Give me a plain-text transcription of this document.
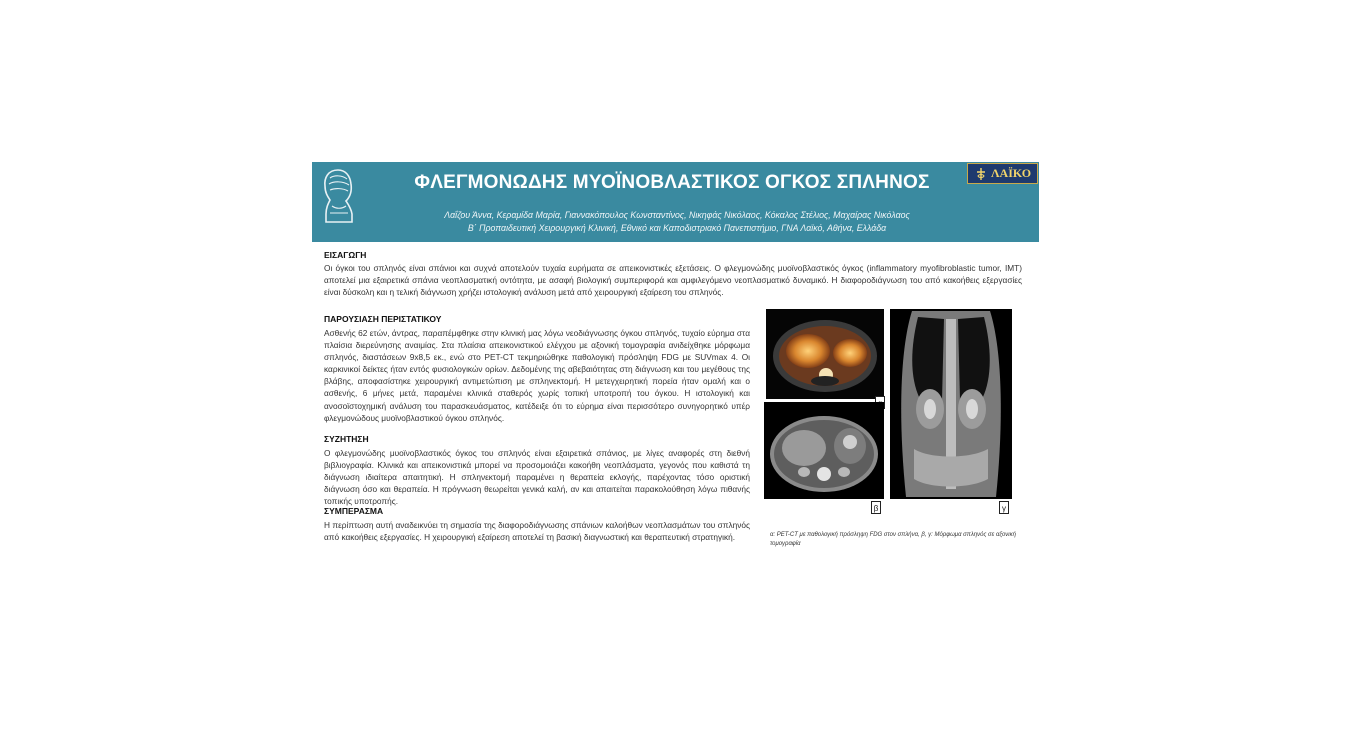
ΦΛΕΓΜΟΝΩΔΗΣ ΜΥΟΪΝΟΒΛΑΣΤΙΚΟΣ ΟΓΚΟΣ ΣΠΛΗΝΟΣ
Λαΐζου Άννα, Κεραμίδα Μαρία, Γιαννακόπουλος Κωνσταντίνος, Νικηφάς Νικόλαος, Κόκαλος Στέλιος, Μαχαίρας Νικόλαος
Β΄ Προπαιδευτική Χειρουργική Κλινική, Εθνικό και Καποδιστριακό Πανεπιστήμιο, ΓΝΑ Λαϊκό, Αθήνα, Ελλάδα
ΛΑΪΚΟ
ΕΙΣΑΓΩΓΗ
Οι όγκοι του σπληνός είναι σπάνιοι και συχνά αποτελούν τυχαία ευρήματα σε απεικονιστικές εξετάσεις. Ο φλεγμονώδης μυοϊνοβλαστικός όγκος (inflammatory myofibroblastic tumor, IMT) αποτελεί μια εξαιρετικά σπάνια νεοπλασματική οντότητα, με ασαφή βιολογική συμπεριφορά και αμφιλεγόμενο νεοπλασματικό δυναμικό. Η διαφοροδιάγνωση του από κακοήθεις εξεργασίες είναι δύσκολη και η τελική διάγνωση χρήζει ιστολογική ανάλυση μετά από χειρουργική εξαίρεση του σπληνός.
ΠΑΡΟΥΣΙΑΣΗ ΠΕΡΙΣΤΑΤΙΚΟΥ
Ασθενής 62 ετών, άντρας, παραπέμφθηκε στην κλινική μας λόγω νεοδιάγνωσης όγκου σπληνός, τυχαίο εύρημα στα πλαίσια διερεύνησης αναιμίας. Στα πλαίσια απεικονιστικού ελέγχου με αξονική τομογραφία ανιδείχθηκε μόρφωμα σπληνός, διαστάσεων 9x8,5 εκ., ενώ στο PET-CT τεκμηριώθηκε παθολογική πρόσληψη FDG με SUVmax 4. Οι καρκινικοί δείκτες ήταν εντός φυσιολογικών ορίων. Δεδομένης της αβεβαιότητας στη διάγνωση και του μεγέθους της βλάβης, αποφασίστηκε χειρουργική αντιμετώπιση με σπληνεκτομή. Η μετεγχειρητική πορεία ήταν ομαλή και ο ασθενής, 6 μήνες μετά, παραμένει κλινικά σταθερός χωρίς τοπική υποτροπή του όγκου. Η ιστολογική και ανοσοϊστοχημική ανάλυση του παρασκευάσματος, κατέδειξε ότι το εύρημα είναι περισσότερο συνηγορητικό υπέρ φλεγμονώδους μυοϊνοβλαστικού όγκου σπληνός.
ΣΥΖΗΤΗΣΗ
Ο φλεγμονώδης μυοϊνοβλαστικός όγκος του σπληνός είναι εξαιρετικά σπάνιος, με λίγες αναφορές στη διεθνή βιβλιογραφία. Κλινικά και απεικονιστικά μπορεί να προσομοιάζει κακοήθη νεοπλάσματα, γεγονός που καθιστά τη διάγνωση ιδιαίτερα απαιτητική. Η σπληνεκτομή παραμένει η θεραπεία εκλογής, παρέχοντας τόσο οριστική διάγνωση όσο και θεραπεία. Η πρόγνωση θεωρείται γενικά καλή, αν και απαιτείται παρακολούθηση λόγω πιθανής τοπικής υποτροπής.
ΣΥΜΠΕΡΑΣΜΑ
Η περίπτωση αυτή αναδεικνύει τη σημασία της διαφοροδιάγνωσης σπάνιων καλοήθων νεοπλασμάτων του σπληνός από κακοήθεις εξεργασίες. Η χειρουργική εξαίρεση αποτελεί τη βασική διαγνωστική και θεραπευτική στρατηγική.
β	γ
α: PET-CT με παθολογική πρόσληψη FDG στον σπλήνα, β, γ: Μόρφωμα σπληνός σε αξονική τομογραφία
